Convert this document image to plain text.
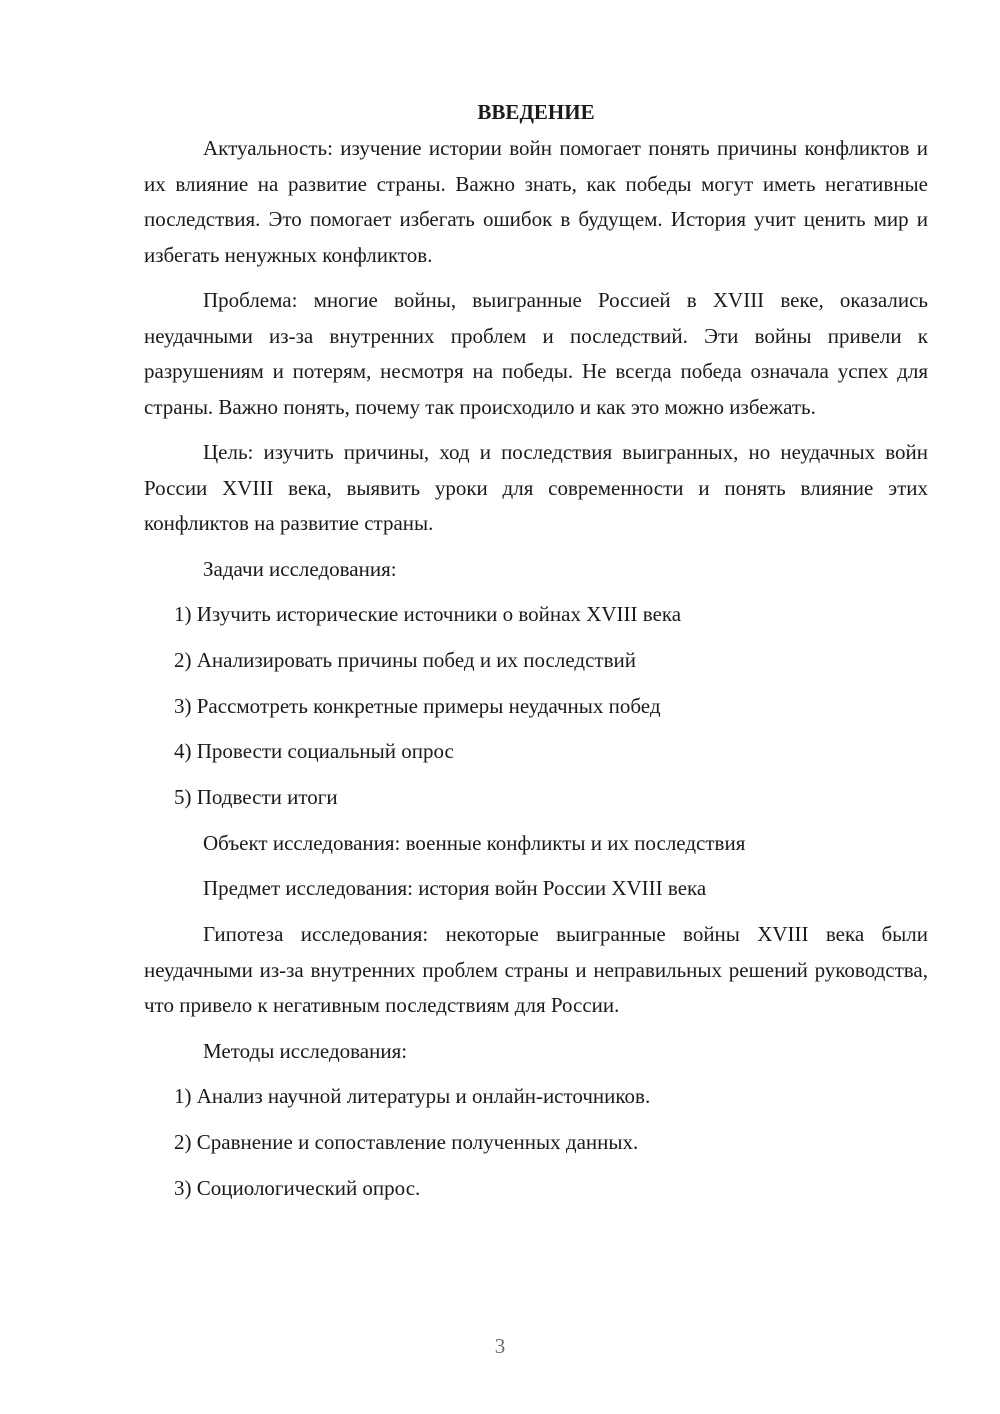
ВВЕДЕНИЕ

Актуальность: изучение истории войн помогает понять причины конфликтов и их влияние на развитие страны. Важно знать, как победы могут иметь негативные последствия. Это помогает избегать ошибок в будущем. История учит ценить мир и избегать ненужных конфликтов.

Проблема: многие войны, выигранные Россией в XVIII веке, оказались неудачными из-за внутренних проблем и последствий. Эти войны привели к разрушениям и потерям, несмотря на победы. Не всегда победа означала успех для страны. Важно понять, почему так происходило и как это можно избежать.

Цель: изучить причины, ход и последствия выигранных, но неудачных войн России XVIII века, выявить уроки для современности и понять влияние этих конфликтов на развитие страны.

Задачи исследования:

1) Изучить исторические источники о войнах XVIII века

2) Анализировать причины побед и их последствий

3) Рассмотреть конкретные примеры неудачных побед

4) Провести социальный опрос

5) Подвести итоги

Объект исследования: военные конфликты и их последствия

Предмет исследования: история войн России XVIII века

Гипотеза исследования: некоторые выигранные войны XVIII века были неудачными из-за внутренних проблем страны и неправильных решений руководства, что привело к негативным последствиям для России.

Методы исследования:

1) Анализ научной литературы и онлайн-источников.

2) Сравнение и сопоставление полученных данных.

3) Социологический опрос.

3
